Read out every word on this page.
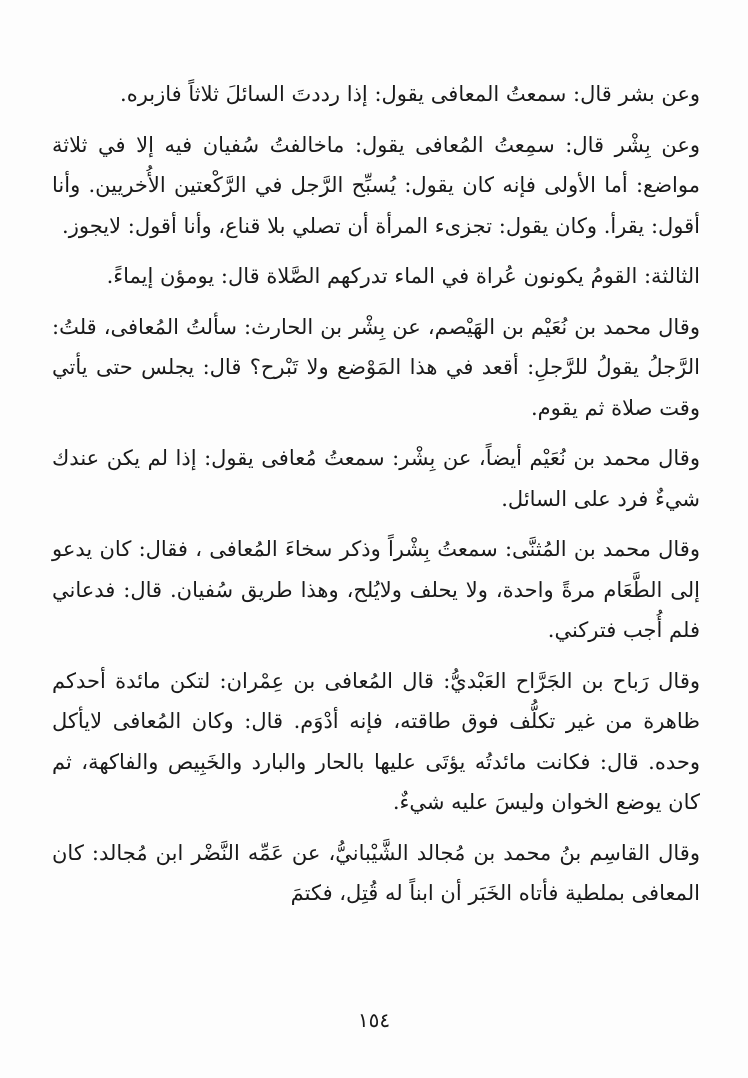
وعن بشر قال: سمعتُ المعافى يقول: إذا رددتَ السائلَ ثلاثاً فازبره.

وعن بِشْر قال: سمِعتُ المُعافى يقول: ماخالفتُ سُفيان فيه إلا في ثلاثة مواضع: أما الأولى فإنه كان يقول: يُسبِّح الرَّجل في الرَّكْعتين الأُخريين. وأنا أقول: يقرأ. وكان يقول: تجزىء المرأة أن تصلي بلا قناع، وأنا أقول: لايجوز.

الثالثة: القومُ يكونون عُراة في الماء تدركهم الصَّلاة قال: يومؤن إيماءً.

وقال محمد بن نُعَيْم بن الهَيْصم، عن بِشْر بن الحارث: سألتُ المُعافى، قلتُ: الرَّجلُ يقولُ للرَّجلِ: أقعد في هذا المَوْضع ولا تَبْرح؟ قال: يجلس حتى يأتي وقت صلاة ثم يقوم.

وقال محمد بن نُعَيْم أيضاً، عن بِشْر: سمعتُ مُعافى يقول: إذا لم يكن عندك شيءٌ فرد على السائل.

وقال محمد بن المُثنَّى: سمعتُ بِشْراً وذكر سخاءَ المُعافى ، فقال: كان يدعو إلى الطَّعَام مرةً واحدة، ولا يحلف ولايُلح، وهذا طريق سُفيان. قال: فدعاني فلم أُجب فتركني.

وقال رَباح بن الجَرَّاح العَبْديُّ: قال المُعافى بن عِمْران: لتكن مائدة أحدكم ظاهرة من غير تكلُّف فوق طاقته، فإنه أدْوَم. قال: وكان المُعافى لايأكل وحده. قال: فكانت مائدتُه يؤتَى عليها بالحار والبارد والخَبِيص والفاكهة، ثم كان يوضع الخوان وليسَ عليه شيءٌ.

وقال القاسِم بنُ محمد بن مُجالد الشَّيْبانيُّ، عن عَمِّه النَّضْر ابن مُجالد: كان المعافى بملطية فأتاه الخَبَر أن ابناً له قُتِل، فكتمَ

١٥٤
